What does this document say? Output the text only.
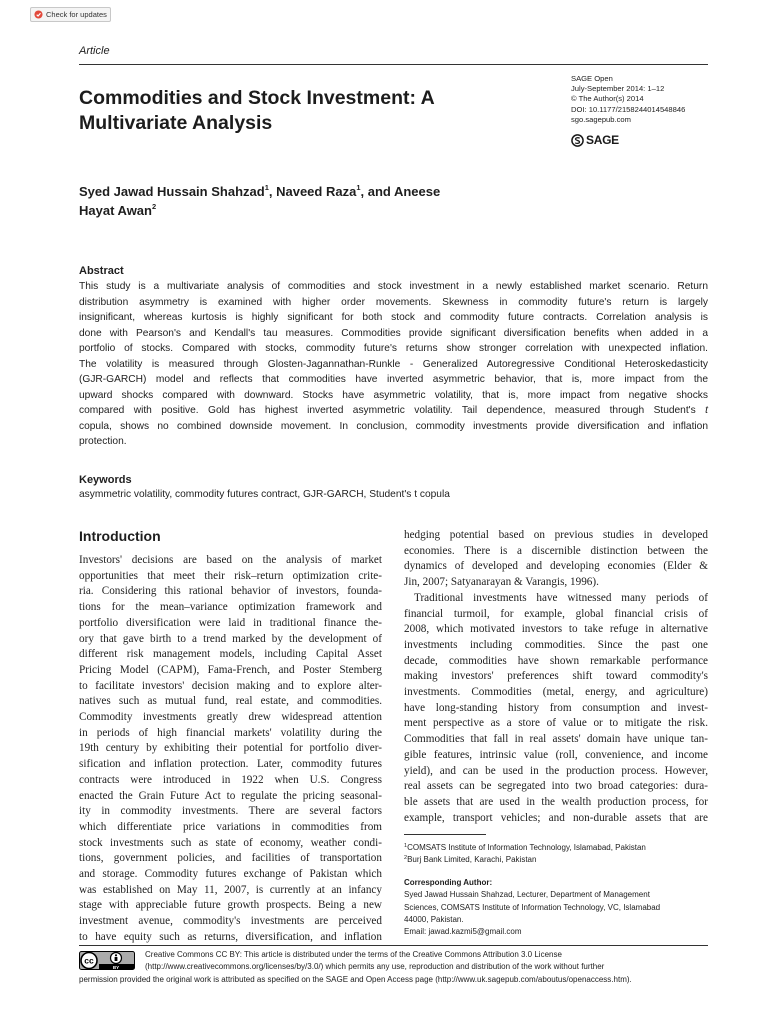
Check for updates
Article
Commodities and Stock Investment: A
Multivariate Analysis
SAGE Open
July-September 2014: 1–12
© The Author(s) 2014
DOI: 10.1177/2158244014548846
sgo.sagepub.com
SAGE
Syed Jawad Hussain Shahzad$^1$, Naveed Raza$^1$, and Aneese
Hayat Awan$^2$
Abstract
This study is a multivariate analysis of commodities and stock investment in a newly established market scenario. Return
distribution asymmetry is examined with higher order movements. Skewness in commodity future's return is largely
insignificant, whereas kurtosis is highly significant for both stock and commodity future contracts. Correlation analysis is
done with Pearson's and Kendall's tau measures. Commodities provide significant diversification benefits when added in a
portfolio of stocks. Compared with stocks, commodity future's returns show stronger correlation with unexpected inflation.
The volatility is measured through Glosten-Jagannathan-Runkle - Generalized Autoregressive Conditional Heteroskedasticity
(GJR-GARCH) model and reflects that commodities have inverted asymmetric behavior, that is, more impact from the
upward shocks compared with downward. Stocks have asymmetric volatility, that is, more impact from negative shocks
compared with positive. Gold has highest inverted asymmetric volatility. Tail dependence, measured through Student's t
copula, shows no combined downside movement. In conclusion, commodity investments provide diversification and inflation
protection.
Keywords
asymmetric volatility, commodity futures contract, GJR-GARCH, Student's t copula
Introduction
Investors' decisions are based on the analysis of market
opportunities that meet their risk–return optimization crite-
ria. Considering this rational behavior of investors, founda-
tions for the mean–variance optimization framework and
portfolio diversification were laid in traditional finance the-
ory that gave birth to a trend marked by the development of
different risk management models, including Capital Asset
Pricing Model (CAPM), Fama-French, and Poster Stemberg
to facilitate investors' decision making and to explore alter-
natives such as mutual fund, real estate, and commodities.
Commodity investments greatly drew widespread attention
in periods of high financial markets' volatility during the
19th century by exhibiting their potential for portfolio diver-
sification and inflation protection. Later, commodity futures
contracts were introduced in 1922 when U.S. Congress
enacted the Grain Future Act to regulate the pricing seasonal-
ity in commodity investments. There are several factors
which differentiate price variations in commodities from
stock investments such as state of economy, weather condi-
tions, government policies, and facilities of transportation
and storage. Commodity futures exchange of Pakistan which
was established on May 11, 2007, is currently at an infancy
stage with appreciable future growth prospects. Being a new
investment avenue, commodity's investments are perceived
to have equity such as returns, diversification, and inflation
hedging potential based on previous studies in developed
economies. There is a discernible distinction between the
dynamics of developed and developing economies (Elder &
Jin, 2007; Satyanarayan & Varangis, 1996).
Traditional investments have witnessed many periods of
financial turmoil, for example, global financial crisis of
2008, which motivated investors to take refuge in alternative
investments including commodities. Since the past one
decade, commodities have shown remarkable performance
making investors' preferences shift toward commodity's
investments. Commodities (metal, energy, and agriculture)
have long-standing history from consumption and invest-
ment perspective as a store of value or to mitigate the risk.
Commodities that fall in real assets' domain have unique tan-
gible features, intrinsic value (roll, convenience, and income
yield), and can be used in the production process. However,
real assets can be segregated into two broad categories: dura-
ble assets that are used in the wealth production process, for
example, transport vehicles; and non-durable assets that are
$^1$COMSATS Institute of Information Technology, Islamabad, Pakistan
$^2$Burj Bank Limited, Karachi, Pakistan
Corresponding Author:
Syed Jawad Hussain Shahzad, Lecturer, Department of Management
Sciences, COMSATS Institute of Information Technology, VC, Islamabad
44000, Pakistan.
Email: jawad.kazmi5@gmail.com
cc
BY
Creative Commons CC BY: This article is distributed under the terms of the Creative Commons Attribution 3.0 License
(http://www.creativecommons.org/licenses/by/3.0/) which permits any use, reproduction and distribution of the work without further
permission provided the original work is attributed as specified on the SAGE and Open Access page (http://www.uk.sagepub.com/aboutus/openaccess.htm).
